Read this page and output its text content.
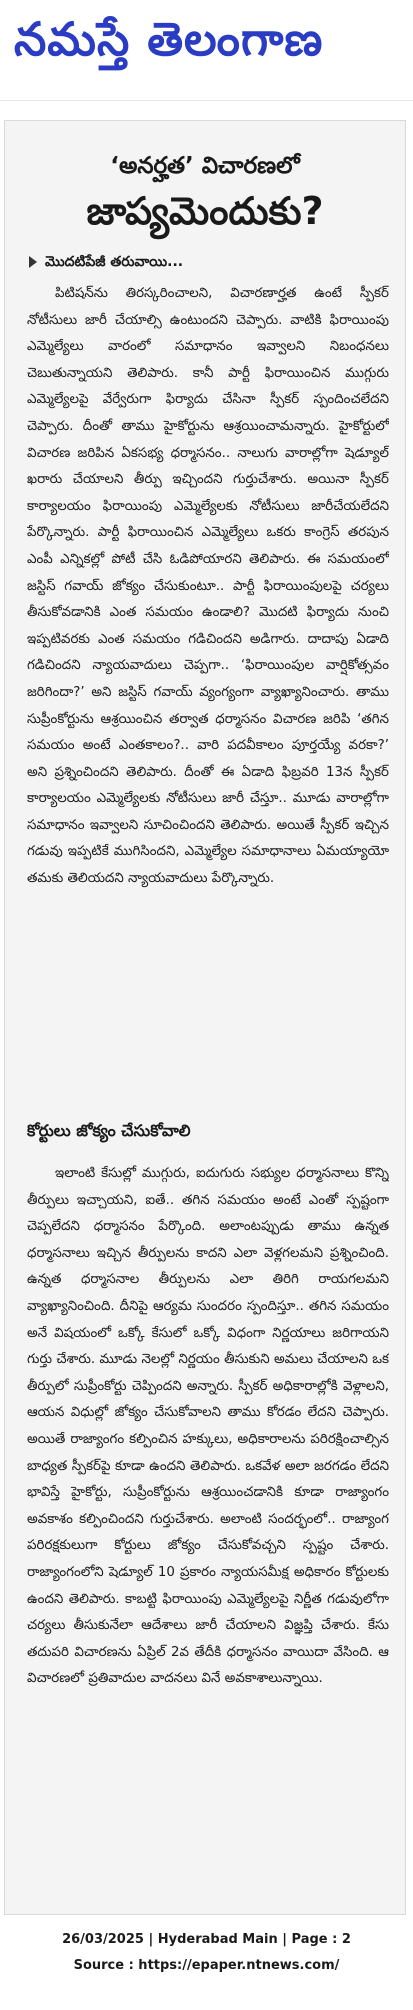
నమస్తే తెలంగాణ
‘అనర్హత’ విచారణలో
జాప్యమెందుకు?
మొదటిపేజీ తరువాయి...

పిటిషన్‌ను తిరస్కరించాలని, విచారణార్హత ఉంటే స్పీకర్ నోటీసులు జారీ చేయాల్సి ఉంటుందని చెప్పారు. వాటికి ఫిరాయింపు ఎమ్మెల్యేలు వారంలో సమాధానం ఇవ్వాలని నిబంధనలు చెబుతున్నాయని తెలిపారు. కానీ పార్టీ ఫిరాయించిన ముగ్గురు ఎమ్మెల్యేలపై వేర్వేరుగా ఫిర్యాదు చేసినా స్పీకర్ స్పందించలేదని చెప్పారు. దీంతో తాము హైకోర్టును ఆశ్రయించామన్నారు. హైకోర్టులో విచారణ జరిపిన ఏకసభ్య ధర్మాసనం.. నాలుగు వారాల్లోగా షెడ్యూల్ ఖరారు చేయాలని తీర్పు ఇచ్చిందని గుర్తుచేశారు. అయినా స్పీకర్ కార్యాలయం ఫిరాయింపు ఎమ్మెల్యేలకు నోటీసులు జారీచేయలేదని పేర్కొన్నారు. పార్టీ ఫిరాయించిన ఎమ్మెల్యేలు ఒకరు కాంగ్రెస్ తరపున ఎంపీ ఎన్నికల్లో పోటీ చేసి ఓడిపోయారని తెలిపారు. ఈ సమయంలో జస్టిస్ గవాయ్ జోక్యం చేసుకుంటూ.. పార్టీ ఫిరాయింపులపై చర్యలు తీసుకోవడానికి ఎంత సమయం ఉండాలి? మొదటి ఫిర్యాదు నుంచి ఇప్పటివరకు ఎంత సమయం గడిచిందని అడిగారు. దాదాపు ఏడాది గడిచిందని న్యాయవాదులు చెప్పగా.. ‘ఫిరాయింపుల వార్షికోత్సవం జరిగిందా?’ అని జస్టిస్ గవాయ్ వ్యంగ్యంగా వ్యాఖ్యానించారు. తాము సుప్రీంకోర్టును ఆశ్రయించిన తర్వాత ధర్మాసనం విచారణ జరిపి ‘తగిన సమయం అంటే ఎంతకాలం?.. వారి పదవీకాలం పూర్తయ్యే వరకా?’ అని ప్రశ్నించిందని తెలిపారు. దీంతో ఈ ఏడాది ఫిబ్రవరి 13న స్పీకర్ కార్యాలయం ఎమ్మెల్యేలకు నోటీసులు జారీ చేస్తూ.. మూడు వారాల్లోగా సమాధానం ఇవ్వాలని సూచించిందని తెలిపారు. అయితే స్పీకర్ ఇచ్చిన గడువు ఇప్పటికే ముగిసిందని, ఎమ్మెల్యేల సమాధానాలు ఏమయ్యాయో తమకు తెలియదని న్యాయవాదులు పేర్కొన్నారు.

కోర్టులు జోక్యం చేసుకోవాలి

ఇలాంటి కేసుల్లో ముగ్గురు, ఐదుగురు సభ్యుల ధర్మాసనాలు కొన్ని తీర్పులు ఇచ్చాయని, ఐతే.. తగిన సమయం అంటే ఎంతో స్పష్టంగా చెప్పలేదని ధర్మాసనం పేర్కొంది. అలాంటప్పుడు తాము ఉన్నత ధర్మాసనాలు ఇచ్చిన తీర్పులను కాదని ఎలా వెళ్లగలమని ప్రశ్నించింది. ఉన్నత ధర్మాసనాల తీర్పులను ఎలా తిరిగి రాయగలమని వ్యాఖ్యానించింది. దీనిపై ఆర్యమ సుందరం స్పందిస్తూ.. తగిన సమయం అనే విషయంలో ఒక్కో కేసులో ఒక్కో విధంగా నిర్ణయాలు జరిగాయని గుర్తు చేశారు. మూడు నెలల్లో నిర్ణయం తీసుకుని అమలు చేయాలని ఒక తీర్పులో సుప్రీంకోర్టు చెప్పిందని అన్నారు. స్పీకర్ అధికారాల్లోకి వెళ్లాలని, ఆయన విధుల్లో జోక్యం చేసుకోవాలని తాము కోరడం లేదని చెప్పారు. అయితే రాజ్యాంగం కల్పించిన హక్కులు, అధికారాలను పరిరక్షించాల్సిన బాధ్యత స్పీకర్‌పై కూడా ఉందని తెలిపారు. ఒకవేళ అలా జరగడం లేదని భావిస్తే హైకోర్టు, సుప్రీంకోర్టును ఆశ్రయించడానికి కూడా రాజ్యాంగం అవకాశం కల్పించిందని గుర్తుచేశారు. అలాంటి సందర్భంలో.. రాజ్యాంగ పరిరక్షకులుగా కోర్టులు జోక్యం చేసుకోవచ్చని స్పష్టం చేశారు. రాజ్యాంగంలోని షెడ్యూల్ 10 ప్రకారం న్యాయసమీక్ష అధికారం కోర్టులకు ఉందని తెలిపారు. కాబట్టి ఫిరాయింపు ఎమ్మెల్యేలపై నిర్ణీత గడువులోగా చర్యలు తీసుకునేలా ఆదేశాలు జారీ చేయాలని విజ్ఞప్తి చేశారు. కేసు తదుపరి విచారణను ఏప్రిల్ 2వ తేదీకి ధర్మాసనం వాయిదా వేసింది. ఆ విచారణలో ప్రతివాదుల వాదనలు వినే అవకాశాలున్నాయి.

26/03/2025 | Hyderabad Main | Page : 2
Source : https://epaper.ntnews.com/
